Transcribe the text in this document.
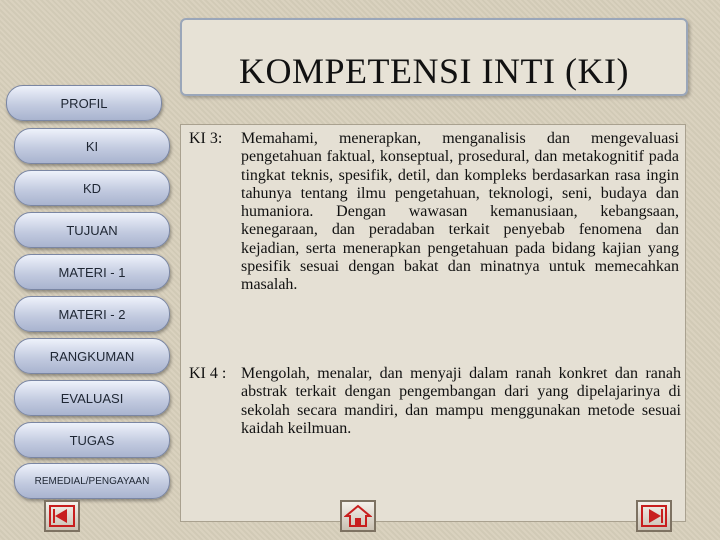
KOMPETENSI INTI (KI)
PROFIL
KI
KD
TUJUAN
MATERI - 1
MATERI - 2
RANGKUMAN
EVALUASI
TUGAS
REMEDIAL/PENGAYAAN
KI 3: Memahami, menerapkan, menganalisis dan mengevaluasi pengetahuan faktual, konseptual, prosedural, dan metakognitif pada tingkat teknis, spesifik, detil, dan kompleks berdasarkan rasa ingin tahunya tentang ilmu pengetahuan, teknologi, seni, budaya dan humaniora. Dengan wawasan kemanusiaan, kebangsaan, kenegaraan, dan peradaban terkait penyebab fenomena dan kejadian, serta menerapkan pengetahuan pada bidang kajian yang spesifik sesuai dengan bakat dan minatnya untuk memecahkan masalah.
KI 4 : Mengolah, menalar, dan menyaji dalam ranah konkret dan ranah abstrak terkait dengan pengembangan dari yang dipelajarinya di sekolah secara mandiri, dan mampu menggunakan metode sesuai kaidah keilmuan.
